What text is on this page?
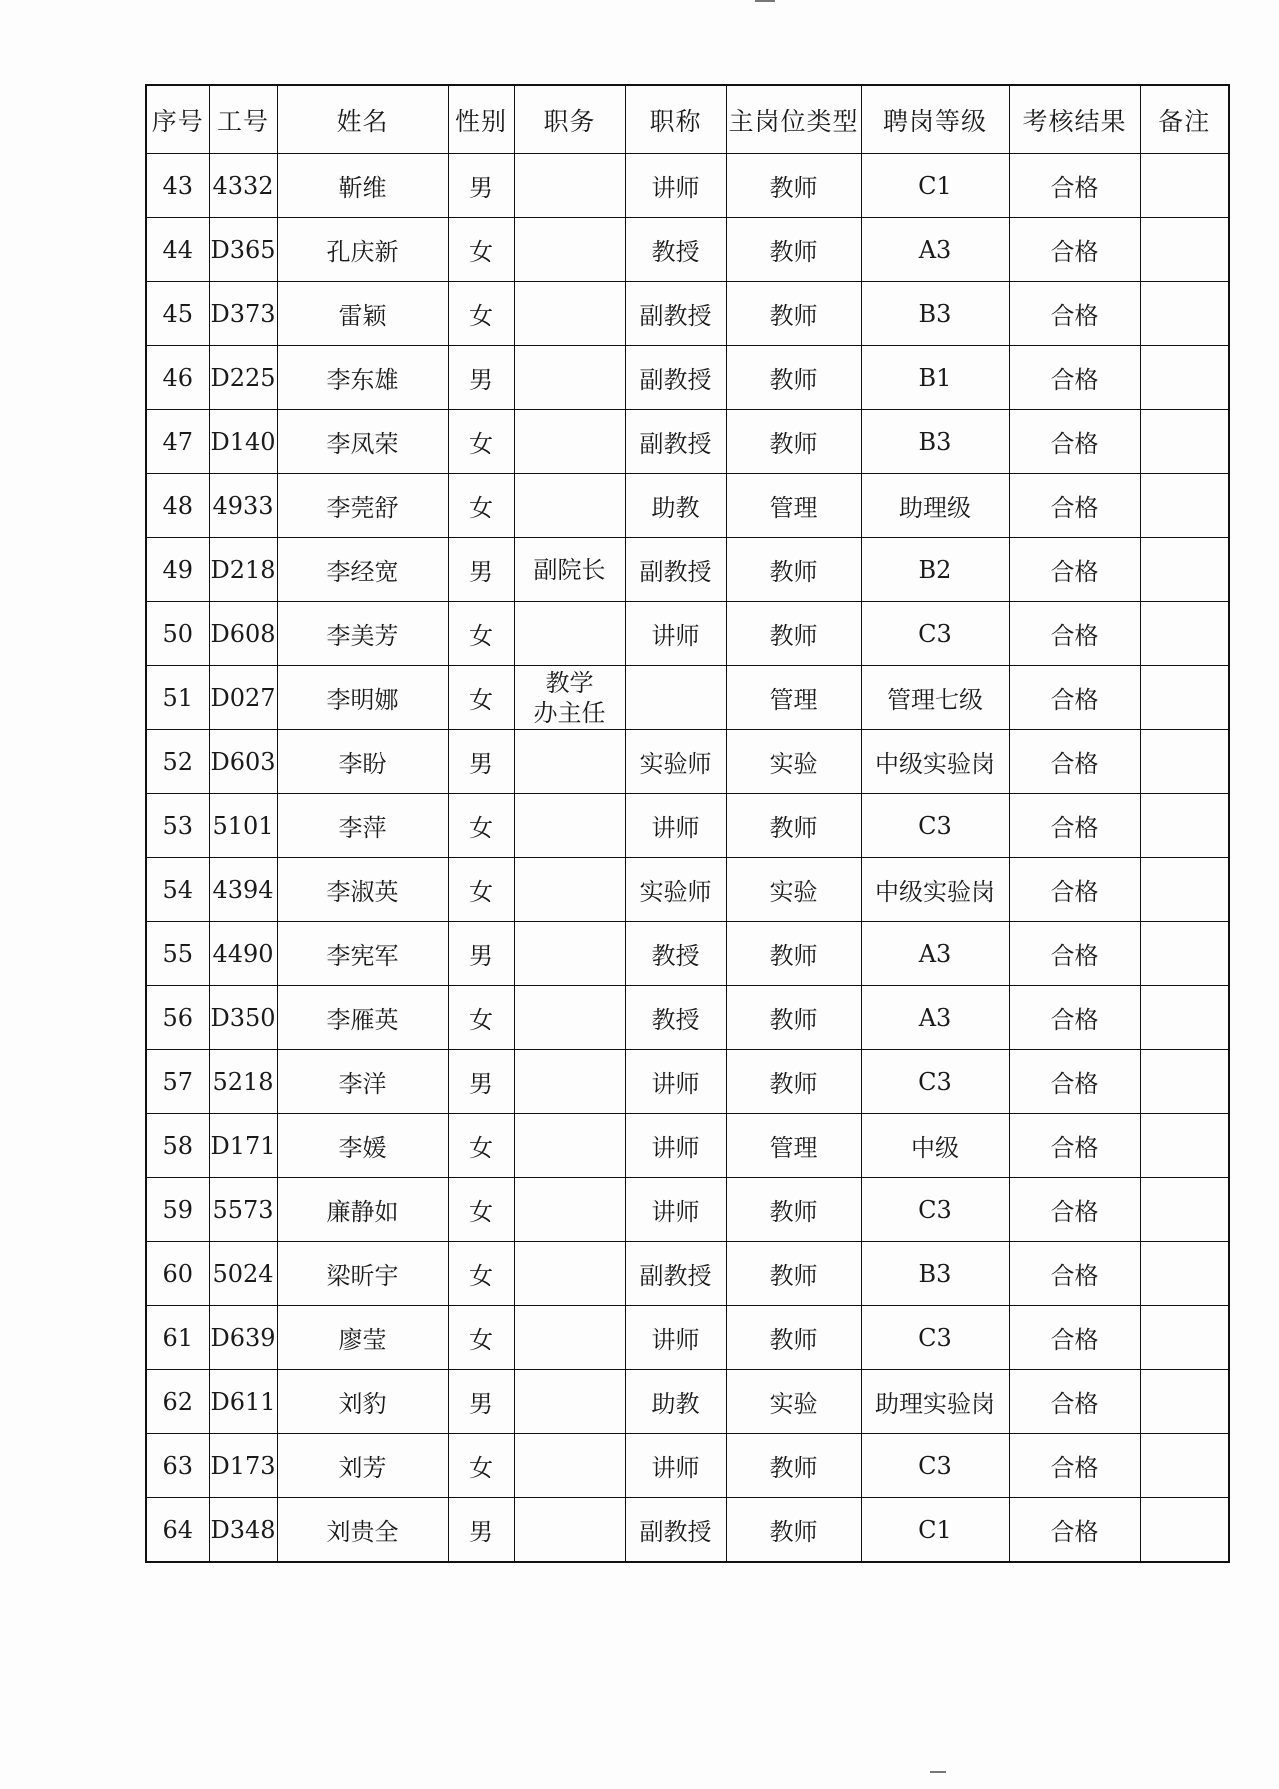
序号	工号	姓名	性别	职务	职称	主岗位类型	聘岗等级	考核结果	备注
43	4332	靳维	男		讲师	教师	C1	合格	
44	D365	孔庆新	女		教授	教师	A3	合格	
45	D373	雷颖	女		副教授	教师	B3	合格	
46	D225	李东雄	男		副教授	教师	B1	合格	
47	D140	李凤荣	女		副教授	教师	B3	合格	
48	4933	李莞舒	女		助教	管理	助理级	合格	
49	D218	李经宽	男	副院长	副教授	教师	B2	合格	
50	D608	李美芳	女		讲师	教师	C3	合格	
51	D027	李明娜	女	教学
办主任		管理	管理七级	合格	
52	D603	李盼	男		实验师	实验	中级实验岗	合格	
53	5101	李萍	女		讲师	教师	C3	合格	
54	4394	李淑英	女		实验师	实验	中级实验岗	合格	
55	4490	李宪军	男		教授	教师	A3	合格	
56	D350	李雁英	女		教授	教师	A3	合格	
57	5218	李洋	男		讲师	教师	C3	合格	
58	D171	李媛	女		讲师	管理	中级	合格	
59	5573	廉静如	女		讲师	教师	C3	合格	
60	5024	梁昕宇	女		副教授	教师	B3	合格	
61	D639	廖莹	女		讲师	教师	C3	合格	
62	D611	刘豹	男		助教	实验	助理实验岗	合格	
63	D173	刘芳	女		讲师	教师	C3	合格	
64	D348	刘贵全	男		副教授	教师	C1	合格	
